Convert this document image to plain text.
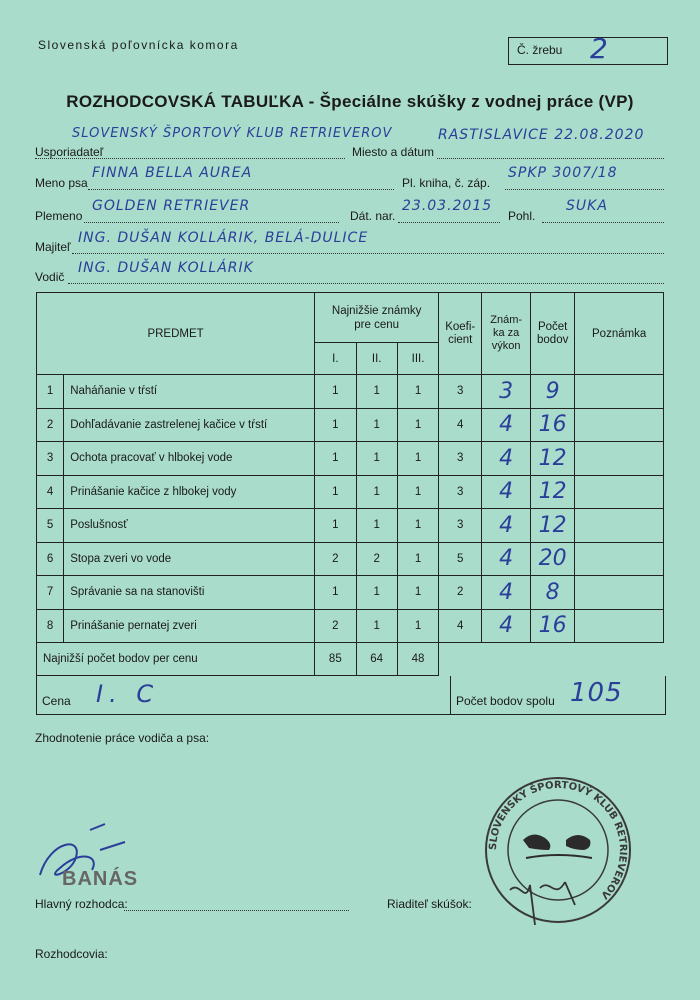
Slovenská poľovnícka komora	Č. žrebu 2
ROZHODCOVSKÁ TABUĽKA - Špeciálne skúšky z vodnej práce (VP)
SLOVENSKÝ ŠPORTOVÝ KLUB RETRIEVEROV	RASTISLAVICE 22.08.2020
Usporiadateľ	Miesto a dátum
Meno psa
FINNA BELLA AUREA
Pl. kniha, č. záp.
SPKP 3007/18
Plemeno
GOLDEN RETRIEVER
Dát. nar.
23.03.2015
Pohl.
SUKA
Majiteľ
ING. DUŠAN KOLLÁRIK, BELÁ-DULICE
Vodič
ING. DUŠAN KOLLÁRIK
PREDMET		Najnižšie známky pre cenu			Koefi- cient	Znám- ka za výkon	Počet bodov	Poznámka
		I.	II.	III.				
1	Naháňanie v tŕstí	1	1	1	3	3	9	
2	Dohľadávanie zastrelenej kačice v tŕstí	1	1	1	4	4	16	
3	Ochota pracovať v hlbokej vode	1	1	1	3	4	12	
4	Prinášanie kačice z hlbokej vody	1	1	1	3	4	12	
5	Poslušnosť	1	1	1	3	4	12	
6	Stopa zveri vo vode	2	2	1	5	4	20	
7	Správanie sa na stanovišti	1	1	1	2	4	8	
8	Prinášanie pernatej zveri	2	1	1	4	4	16	
Najnižší počet bodov per cenu		85	64	48				
Cena I. C	Počet bodov spolu 105
Zhodnotenie práce vodiča a psa:
BANÁS
Hlavný rozhodca:	Riaditeľ skúšok:
SLOVENSKÝ ŠPORTOVÝ KLUB RETRIEVEROV
Rozhodcovia:
